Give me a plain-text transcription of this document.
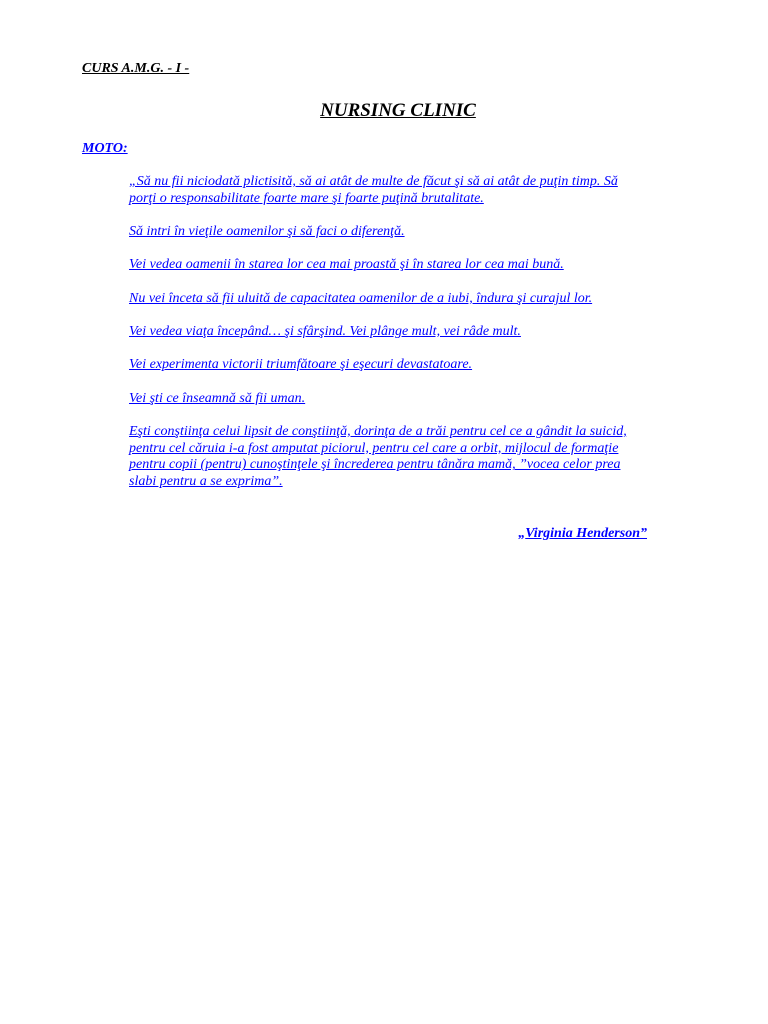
CURS A.M.G. - I -
NURSING CLINIC
MOTO:

„Să nu fii niciodată plictisită, să ai atât de multe de făcut şi să ai atât de puţin timp. Să porţi o responsabilitate foarte mare şi foarte puţină brutalitate.

Să intri în vieţile oamenilor şi să faci o diferenţă.

Vei vedea oamenii în starea lor cea mai proastă şi în starea lor cea mai bună.

Nu vei înceta să fii uluită de capacitatea oamenilor de a iubi, îndura şi curajul lor.

Vei vedea viaţa începând… şi sfârşind. Vei plânge mult, vei râde mult.

Vei experimenta victorii triumfătoare şi eşecuri devastatoare.

Vei şti ce înseamnă să fii uman.

Eşti conştiinţa celui lipsit de conştiinţă, dorinţa de a trăi pentru cel ce a gândit la suicid, pentru cel căruia i-a fost amputat piciorul, pentru cel care a orbit, mijlocul de formaţie pentru copii (pentru) cunoştinţele şi încrederea pentru tânăra mamă, ”vocea celor prea slabi pentru a se exprima”.

„Virginia Henderson”
